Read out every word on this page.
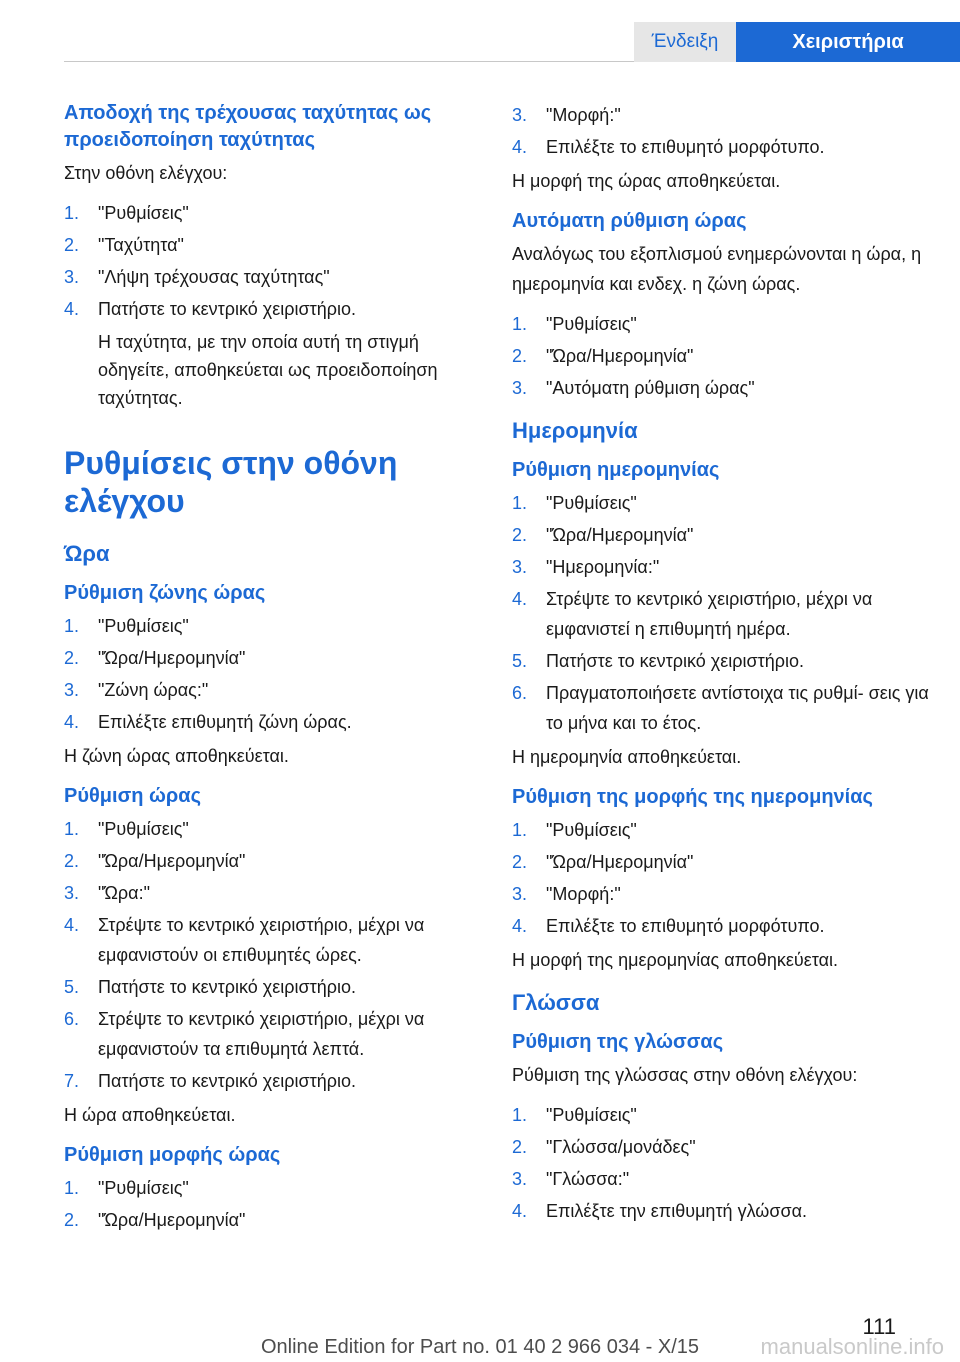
Ένδειξη	Χειριστήρια
Αποδοχή της τρέχουσας ταχύτητας ως προειδοποίηση ταχύτητας
Στην οθόνη ελέγχου:
1.	"Ρυθμίσεις"
2.	"Ταχύτητα"
3.	"Λήψη τρέχουσας ταχύτητας"
4.	Πατήστε το κεντρικό χειριστήριο.
Η ταχύτητα, με την οποία αυτή τη στιγμή οδηγείτε, αποθηκεύεται ως προειδοποίηση ταχύτητας.
Ρυθμίσεις στην οθόνη ελέγχου
Ώρα
Ρύθμιση ζώνης ώρας
1.	"Ρυθμίσεις"
2.	"Ώρα/Ημερομηνία"
3.	"Ζώνη ώρας:"
4.	Επιλέξτε επιθυμητή ζώνη ώρας.
Η ζώνη ώρας αποθηκεύεται.
Ρύθμιση ώρας
1.	"Ρυθμίσεις"
2.	"Ώρα/Ημερομηνία"
3.	"Ώρα:"
4.	Στρέψτε το κεντρικό χειριστήριο, μέχρι να εμφανιστούν οι επιθυμητές ώρες.
5.	Πατήστε το κεντρικό χειριστήριο.
6.	Στρέψτε το κεντρικό χειριστήριο, μέχρι να εμφανιστούν τα επιθυμητά λεπτά.
7.	Πατήστε το κεντρικό χειριστήριο.
Η ώρα αποθηκεύεται.
Ρύθμιση μορφής ώρας
1.	"Ρυθμίσεις"
2.	"Ώρα/Ημερομηνία"
3.	"Μορφή:"
4.	Επιλέξτε το επιθυμητό μορφότυπο.
Η μορφή της ώρας αποθηκεύεται.
Αυτόματη ρύθμιση ώρας
Αναλόγως του εξοπλισμού ενημερώνονται η ώρα, η ημερομηνία και ενδεχ. η ζώνη ώρας.
1.	"Ρυθμίσεις"
2.	"Ώρα/Ημερομηνία"
3.	"Αυτόματη ρύθμιση ώρας"
Ημερομηνία
Ρύθμιση ημερομηνίας
1.	"Ρυθμίσεις"
2.	"Ώρα/Ημερομηνία"
3.	"Ημερομηνία:"
4.	Στρέψτε το κεντρικό χειριστήριο, μέχρι να εμφανιστεί η επιθυμητή ημέρα.
5.	Πατήστε το κεντρικό χειριστήριο.
6.	Πραγματοποιήσετε αντίστοιχα τις ρυθμί- σεις για το μήνα και το έτος.
Η ημερομηνία αποθηκεύεται.
Ρύθμιση της μορφής της ημερομηνίας
1.	"Ρυθμίσεις"
2.	"Ώρα/Ημερομηνία"
3.	"Μορφή:"
4.	Επιλέξτε το επιθυμητό μορφότυπο.
Η μορφή της ημερομηνίας αποθηκεύεται.
Γλώσσα
Ρύθμιση της γλώσσας
Ρύθμιση της γλώσσας στην οθόνη ελέγχου:
1.	"Ρυθμίσεις"
2.	"Γλώσσα/μονάδες"
3.	"Γλώσσα:"
4.	Επιλέξτε την επιθυμητή γλώσσα.
111
Online Edition for Part no. 01 40 2 966 034 - X/15	manualsonline.info
